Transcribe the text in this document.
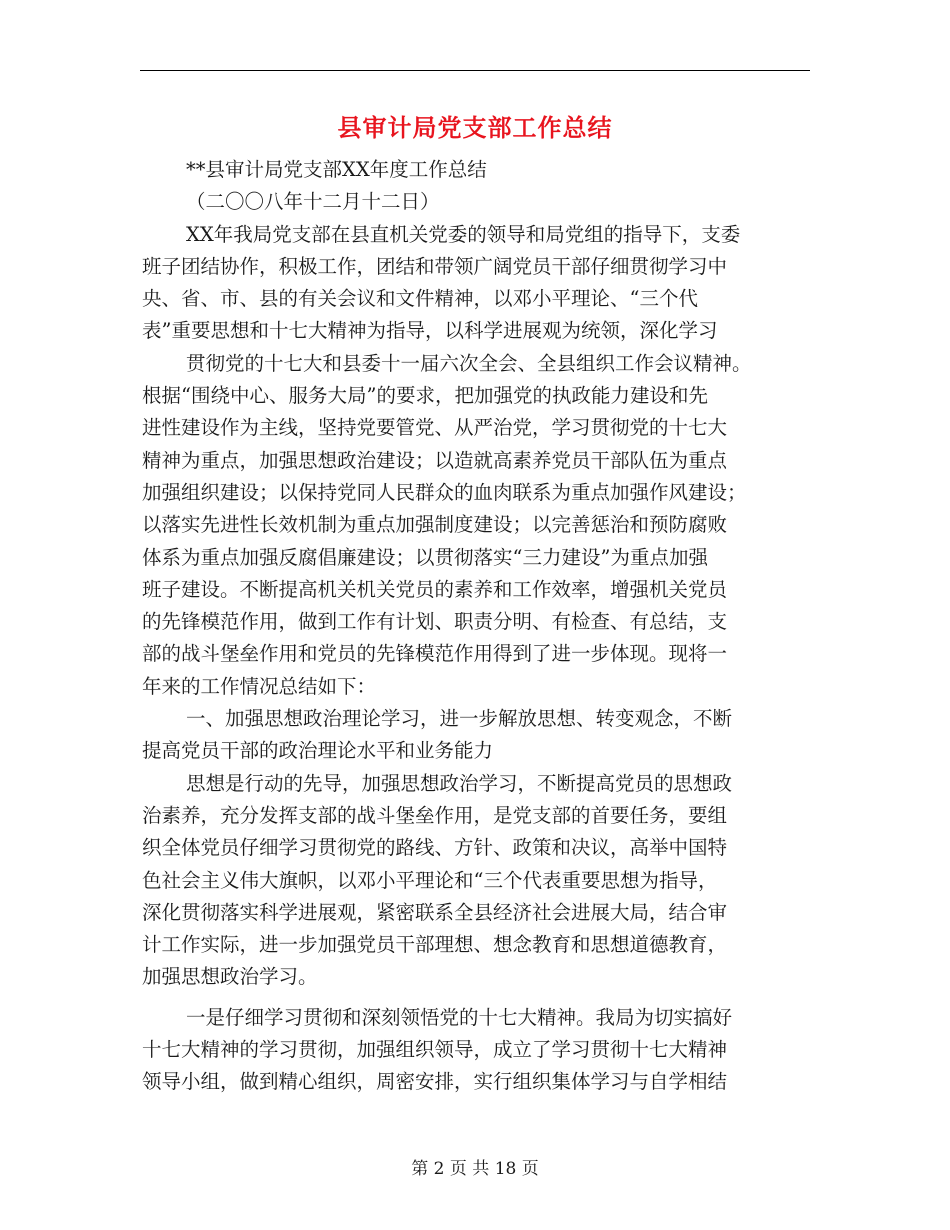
县审计局党支部工作总结
**县审计局党支部XX年度工作总结
（二〇〇八年十二月十二日）
XX年我局党支部在县直机关党委的领导和局党组的指导下，支委
班子团结协作，积极工作，团结和带领广阔党员干部仔细贯彻学习中
央、省、市、县的有关会议和文件精神，以邓小平理论、“三个代
表”重要思想和十七大精神为指导，以科学进展观为统领，深化学习
贯彻党的十七大和县委十一届六次全会、全县组织工作会议精神。
根据“围绕中心、服务大局”的要求，把加强党的执政能力建设和先
进性建设作为主线，坚持党要管党、从严治党，学习贯彻党的十七大
精神为重点，加强思想政治建设；以造就高素养党员干部队伍为重点
加强组织建设；以保持党同人民群众的血肉联系为重点加强作风建设；
以落实先进性长效机制为重点加强制度建设；以完善惩治和预防腐败
体系为重点加强反腐倡廉建设；以贯彻落实“三力建设”为重点加强
班子建设。不断提高机关机关党员的素养和工作效率，增强机关党员
的先锋模范作用，做到工作有计划、职责分明、有检查、有总结，支
部的战斗堡垒作用和党员的先锋模范作用得到了进一步体现。现将一
年来的工作情况总结如下：
一、加强思想政治理论学习，进一步解放思想、转变观念，不断
提高党员干部的政治理论水平和业务能力
思想是行动的先导，加强思想政治学习，不断提高党员的思想政
治素养，充分发挥支部的战斗堡垒作用，是党支部的首要任务，要组
织全体党员仔细学习贯彻党的路线、方针、政策和决议，高举中国特
色社会主义伟大旗帜，以邓小平理论和“三个代表重要思想为指导，
深化贯彻落实科学进展观，紧密联系全县经济社会进展大局，结合审
计工作实际，进一步加强党员干部理想、想念教育和思想道德教育，
加强思想政治学习。
一是仔细学习贯彻和深刻领悟党的十七大精神。我局为切实搞好
十七大精神的学习贯彻，加强组织领导，成立了学习贯彻十七大精神
领导小组，做到精心组织，周密安排，实行组织集体学习与自学相结
第 2 页 共 18 页
